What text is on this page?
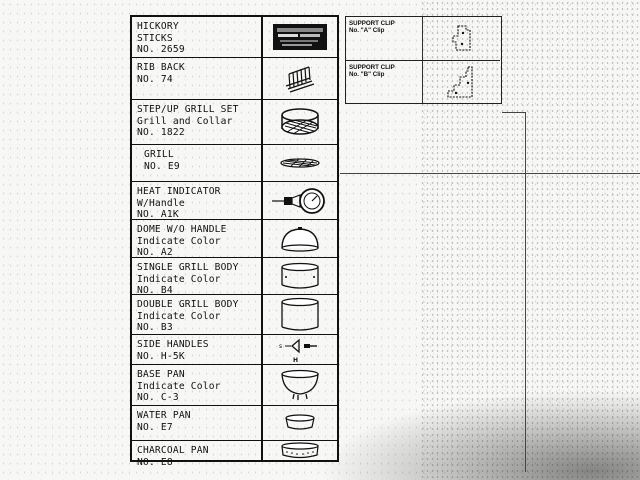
HICKORY
STICKS
NO. 2659
RIB BACK
NO. 74
STEP/UP GRILL SET
Grill and Collar
NO. 1822
GRILL
NO. E9
HEAT INDICATOR
W/Handle
NO. A1K
DOME W/O HANDLE
Indicate Color
NO. A2
SINGLE GRILL BODY
Indicate Color
NO. B4
DOUBLE GRILL BODY
Indicate Color
NO. B3
SIDE HANDLES
NO. H-5K
s
H
BASE PAN
Indicate Color
NO. C-3
WATER PAN
NO. E7
CHARCOAL PAN
NO. E8
SUPPORT CLIP
No. "A" Clip
SUPPORT CLIP
No. "B" Clip
